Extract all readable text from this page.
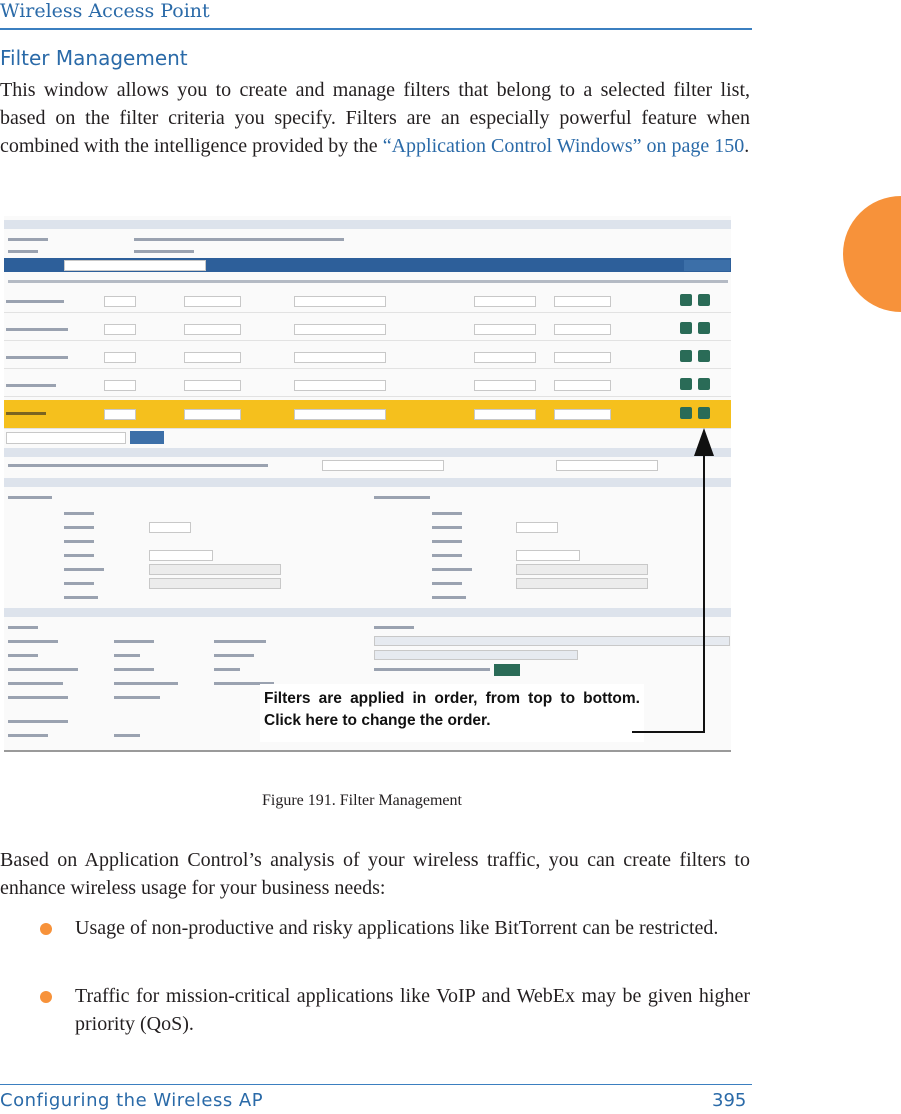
Wireless Access Point
Filter Management
This window allows you to create and manage filters that belong to a selected filter list, based on the filter criteria you specify. Filters are an especially powerful feature when combined with the intelligence provided by the “Application Control Windows” on page 150.
Filters are applied in order, from top to bottom. Click here to change the order.
Figure 191. Filter Management
Based on Application Control’s analysis of your wireless traffic, you can create filters to enhance wireless usage for your business needs:
Usage of non-productive and risky applications like BitTorrent can be restricted.
Traffic for mission-critical applications like VoIP and WebEx may be given higher priority (QoS).
Configuring the Wireless AP	395
